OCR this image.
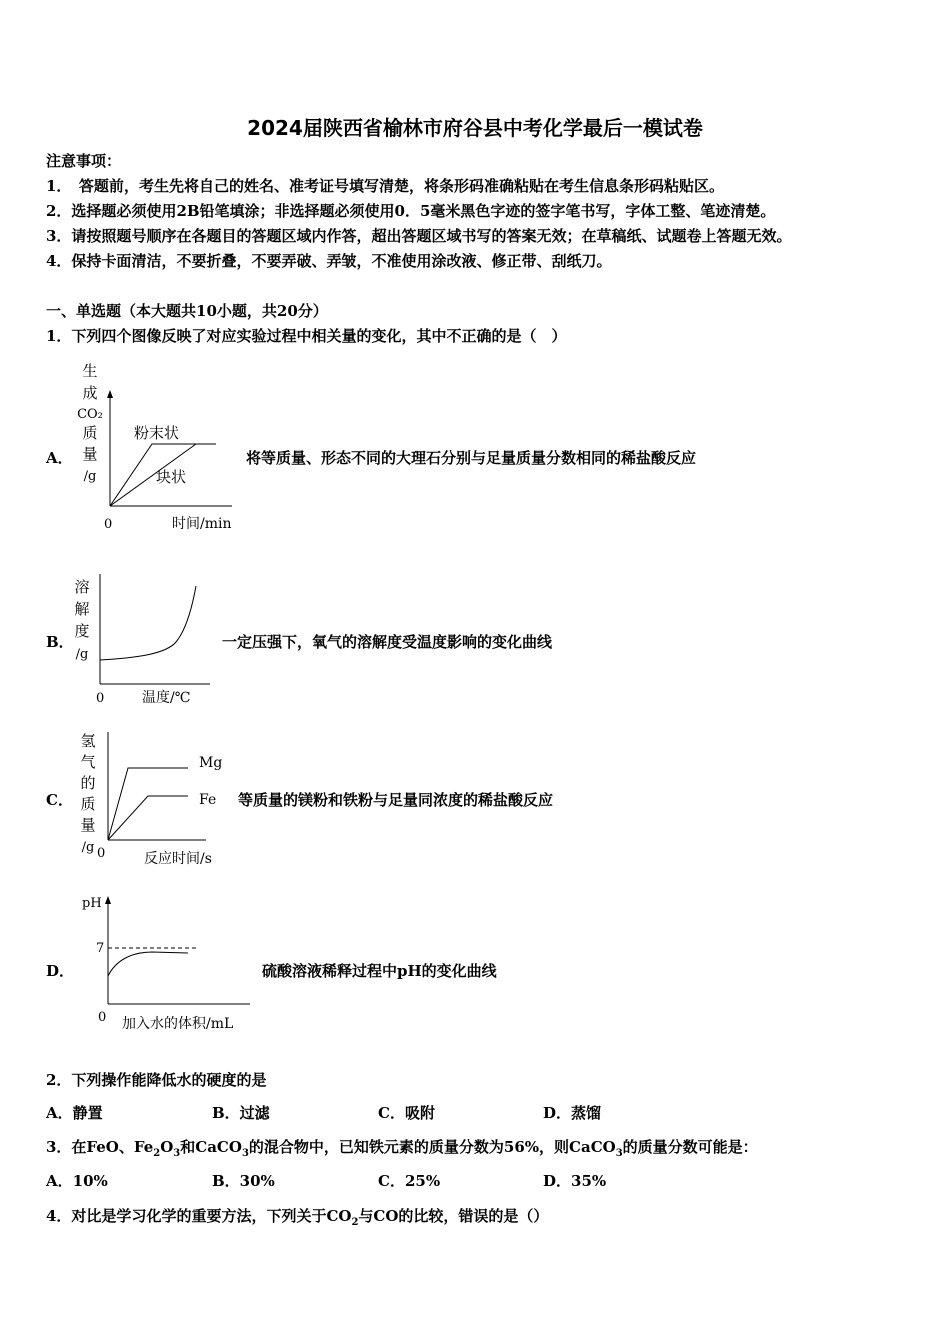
2024届陕西省榆林市府谷县中考化学最后一模试卷
注意事项：
1．　答题前，考生先将自己的姓名、准考证号填写清楚，将条形码准确粘贴在考生信息条形码粘贴区。
2．选择题必须使用2B铅笔填涂；非选择题必须使用0．5毫米黑色字迹的签字笔书写，字体工整、笔迹清楚。
3．请按照题号顺序在各题目的答题区域内作答，超出答题区域书写的答案无效；在草稿纸、试题卷上答题无效。
4．保持卡面清洁，不要折叠，不要弄破、弄皱，不准使用涂改液、修正带、刮纸刀。
一、单选题（本大题共10小题，共20分）
1．下列四个图像反映了对应实验过程中相关量的变化，其中不正确的是（　）
A．	将等质量、形态不同的大理石分别与足量质量分数相同的稀盐酸反应
生
成
CO₂
质
量
/g
粉末状
块状
0	时间/min
B．	一定压强下，氧气的溶解度受温度影响的变化曲线
溶
解
度
/g
0	温度/℃
C．	等质量的镁粉和铁粉与足量同浓度的稀盐酸反应
氢
气
的
质
量
/g
Mg
Fe
0	反应时间/s
D．	硫酸溶液稀释过程中pH的变化曲线
pH
7
0 加入水的体积/mL
2．下列操作能降低水的硬度的是
A．静置	B．过滤	C．吸附	D．蒸馏
3．在FeO、$Fe_2O_3$和CaCO$_3$的混合物中，已知铁元素的质量分数为56%，则CaCO$_3$的质量分数可能是：
A．10%	B．30%	C．25%	D．35%
4．对比是学习化学的重要方法，下列关于$CO_2$与CO的比较，错误的是（）
